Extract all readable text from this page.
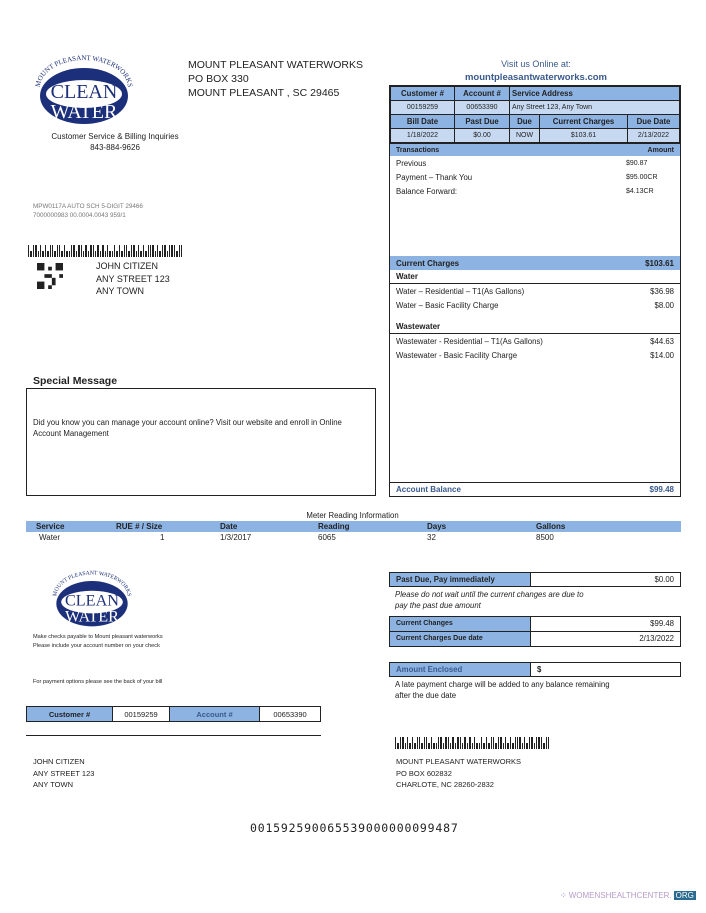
MOUNT PLEASANT WATERWORKS
CLEAN
WATER
MOUNT PLEASANT WATERWORKS
PO BOX 330
MOUNT PLEASANT , SC 29465
Customer Service & Billing Inquiries
843-884-9626
MPW0117A AUTO SCH 5-DIGIT 29466
7000000983 00.0004.0043 959/1
JOHN CITIZEN
ANY STREET 123
ANY TOWN
Special Message
Did you know you can manage your account online? Visit our website and enroll in Online Account Management
Visit us Online at:
mountpleasantwaterworks.com
Customer #	Account #	Service Address		
00159259	00653390	Any Street 123, Any Town		
Bill Date	Past Due	Due	Current Charges	Due Date
1/18/2022	$0.00	NOW	$103.61	2/13/2022
Transactions	Amount
Previous	$90.87
Payment – Thank You	$95.00CR
Balance Forward:	$4.13CR
Current Charges	$103.61
Water
Water – Residential – T1(As Gallons)	$36.98
Water – Basic Facility Charge	$8.00
Wastewater
Wastewater - Residential – T1(As Gallons)	$44.63
Wastewater - Basic Facility Charge	$14.00
Account Balance	$99.48
Meter Reading Information
Service	RUE # / Size	Date	Reading	Days	Gallons
Water	1	1/3/2017	6065	32	8500
MOUNT PLEASANT WATERWORKS
CLEAN
WATER
Make checks payable to Mount pleasant waterworks
Please include your account number on your check
For payment options please see the back of your bill
Customer #	00159259	Account #	00653390
JOHN CITIZEN
ANY STREET 123
ANY TOWN
Past Due, Pay immediately	$0.00
Please do not wait until the current changes are due to
pay the past due amount
Current Changes	$99.48
Current Charges Due date	2/13/2022
Amount Enclosed	$
A late payment charge will be added to any balance remaining
after the due date
MOUNT PLEASANT WATERWORKS
PO BOX 602832
CHARLOTE, NC 28260-2832
001592590065539000000099487
⁘ WOMENSHEALTHCENTER. ORG
